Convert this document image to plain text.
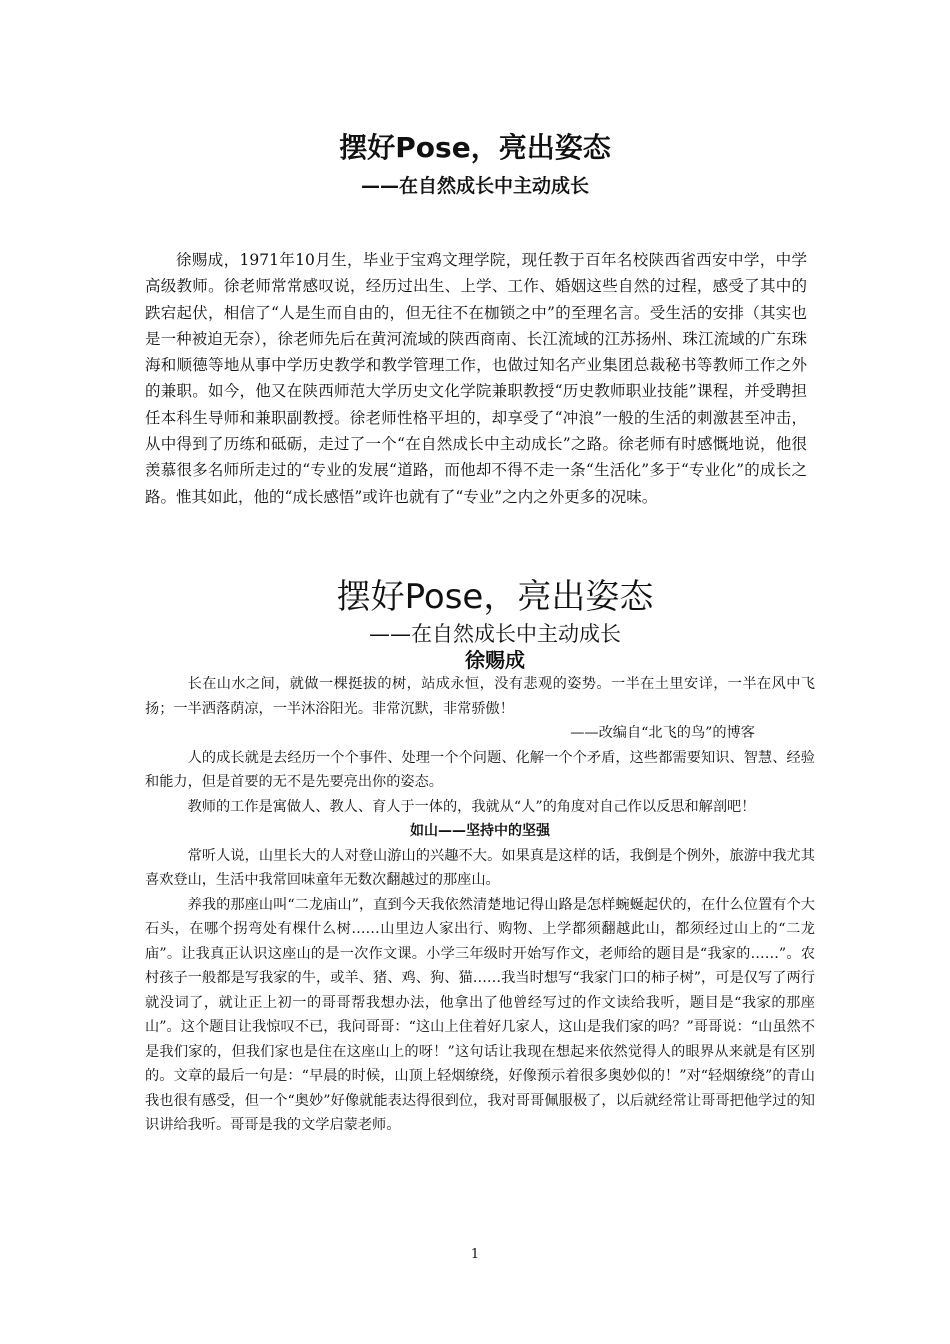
摆好Pose，亮出姿态
——在自然成长中主动成长

徐赐成，1971年10月生，毕业于宝鸡文理学院，现任教于百年名校陕西省西安中学，中学高级教师。徐老师常常感叹说，经历过出生、上学、工作、婚姻这些自然的过程，感受了其中的跌宕起伏，相信了“人是生而自由的，但无往不在枷锁之中”的至理名言。受生活的安排（其实也是一种被迫无奈），徐老师先后在黄河流域的陕西商南、长江流域的江苏扬州、珠江流域的广东珠海和顺德等地从事中学历史教学和教学管理工作，也做过知名产业集团总裁秘书等教师工作之外的兼职。如今，他又在陕西师范大学历史文化学院兼职教授“历史教师职业技能”课程，并受聘担任本科生导师和兼职副教授。徐老师性格平坦的，却享受了“冲浪”一般的生活的刺激甚至冲击，从中得到了历练和砥砺，走过了一个“在自然成长中主动成长”之路。徐老师有时感慨地说，他很羡慕很多名师所走过的“专业的发展“道路，而他却不得不走一条“生活化”多于“专业化”的成长之路。惟其如此，他的“成长感悟”或许也就有了“专业”之内之外更多的况味。

摆好Pose，亮出姿态
——在自然成长中主动成长
徐赐成

长在山水之间，就做一棵挺拔的树，站成永恒，没有悲观的姿势。一半在土里安详，一半在风中飞扬；一半洒落荫凉，一半沐浴阳光。非常沉默，非常骄傲！

——改编自“北飞的鸟”的博客

人的成长就是去经历一个个事件、处理一个个问题、化解一个个矛盾，这些都需要知识、智慧、经验和能力，但是首要的无不是先要亮出你的姿态。

教师的工作是寓做人、教人、育人于一体的，我就从“人”的角度对自己作以反思和解剖吧！

如山——坚持中的坚强

常听人说，山里长大的人对登山游山的兴趣不大。如果真是这样的话，我倒是个例外，旅游中我尤其喜欢登山，生活中我常回味童年无数次翻越过的那座山。

养我的那座山叫“二龙庙山”，直到今天我依然清楚地记得山路是怎样蜿蜒起伏的，在什么位置有个大石头，在哪个拐弯处有棵什么树……山里边人家出行、购物、上学都须翻越此山，都须经过山上的“二龙庙”。让我真正认识这座山的是一次作文课。小学三年级时开始写作文，老师给的题目是“我家的……”。农村孩子一般都是写我家的牛，或羊、猪、鸡、狗、猫……我当时想写“我家门口的柿子树”，可是仅写了两行就没词了，就让正上初一的哥哥帮我想办法，他拿出了他曾经写过的作文读给我听，题目是“我家的那座山”。这个题目让我惊叹不已，我问哥哥：“这山上住着好几家人，这山是我们家的吗？”哥哥说：“山虽然不是我们家的，但我们家也是住在这座山上的呀！”这句话让我现在想起来依然觉得人的眼界从来就是有区别的。文章的最后一句是：“早晨的时候，山顶上轻烟缭绕，好像预示着很多奥妙似的！”对“轻烟缭绕”的青山我也很有感受，但一个“奥妙”好像就能表达得很到位，我对哥哥佩服极了，以后就经常让哥哥把他学过的知识讲给我听。哥哥是我的文学启蒙老师。

1
